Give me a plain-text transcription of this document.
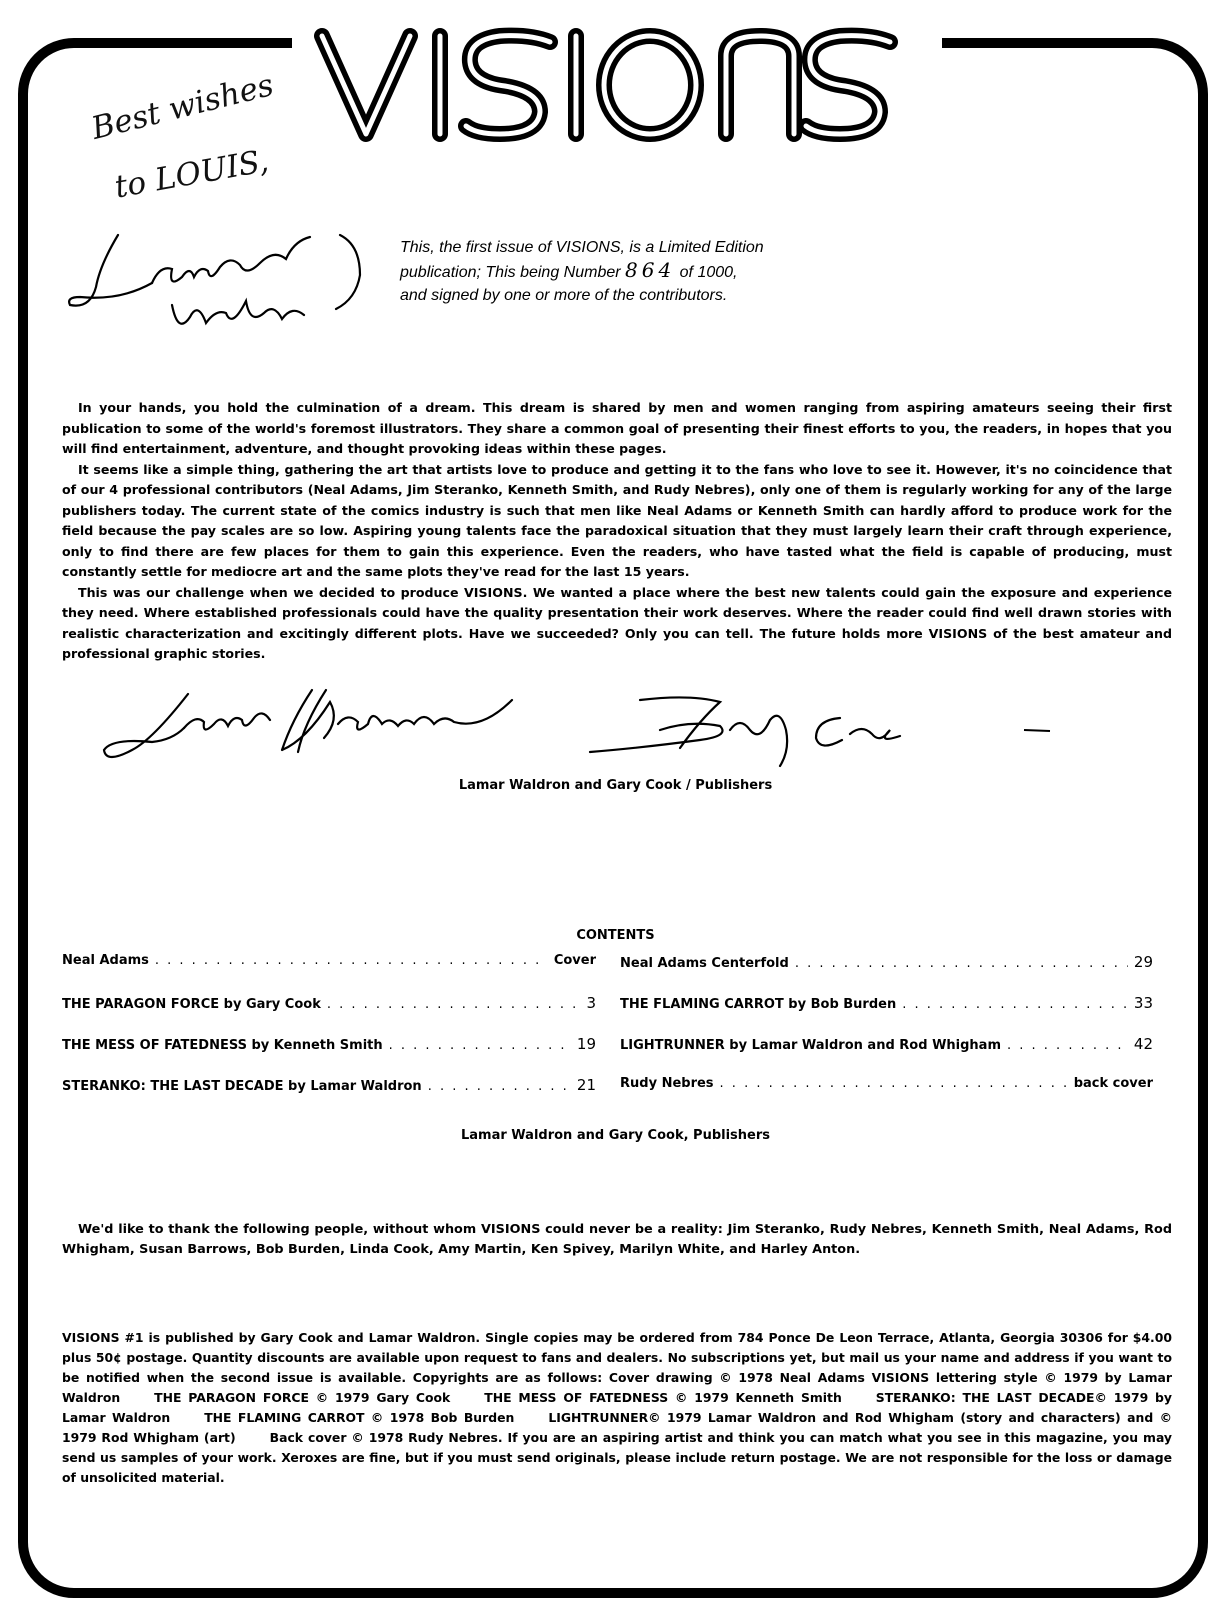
Best wishes
to LOUIS,
This, the first issue of VISIONS, is a Limited Edition
publication; This being Number 864 of 1000,
and signed by one or more of the contributors.

In your hands, you hold the culmination of a dream. This dream is shared by men and women ranging from aspiring amateurs seeing their first publication to some of the world's foremost illustrators. They share a common goal of presenting their finest efforts to you, the readers, in hopes that you will find entertainment, adventure, and thought provoking ideas within these pages.

It seems like a simple thing, gathering the art that artists love to produce and getting it to the fans who love to see it. However, it's no coincidence that of our 4 professional contributors (Neal Adams, Jim Steranko, Kenneth Smith, and Rudy Nebres), only one of them is regularly working for any of the large publishers today. The current state of the comics industry is such that men like Neal Adams or Kenneth Smith can hardly afford to produce work for the field because the pay scales are so low. Aspiring young talents face the paradoxical situation that they must largely learn their craft through experience, only to find there are few places for them to gain this experience. Even the readers, who have tasted what the field is capable of producing, must constantly settle for mediocre art and the same plots they've read for the last 15 years.

This was our challenge when we decided to produce VISIONS. We wanted a place where the best new talents could gain the exposure and experience they need. Where established professionals could have the quality presentation their work deserves. Where the reader could find well drawn stories with realistic characterization and excitingly different plots. Have we succeeded? Only you can tell. The future holds more VISIONS of the best amateur and professional graphic stories.

Lamar Waldron and Gary Cook / Publishers
CONTENTS
Neal Adams . . .	Cover
THE PARAGON FORCE by Gary Cook . . .	3
THE MESS OF FATEDNESS by Kenneth Smith . . .	19
STERANKO: THE LAST DECADE by Lamar Waldron . . .	21
Neal Adams Centerfold . . .	29
THE FLAMING CARROT by Bob Burden . . .	33
LIGHTRUNNER by Lamar Waldron and Rod Whigham . . .	42
Rudy Nebres . . .	back cover
Lamar Waldron and Gary Cook, Publishers
We'd like to thank the following people, without whom VISIONS could never be a reality: Jim Steranko, Rudy Nebres, Kenneth Smith, Neal Adams, Rod Whigham, Susan Barrows, Bob Burden, Linda Cook, Amy Martin, Ken Spivey, Marilyn White, and Harley Anton.
VISIONS #1 is published by Gary Cook and Lamar Waldron. Single copies may be ordered from 784 Ponce De Leon Terrace, Atlanta, Georgia 30306 for $4.00 plus 50¢ postage. Quantity discounts are available upon request to fans and dealers. No subscriptions yet, but mail us your name and address if you want to be notified when the second issue is available. Copyrights are as follows: Cover drawing © 1978 Neal Adams VISIONS lettering style © 1979 by Lamar Waldron	THE PARAGON FORCE © 1979 Gary Cook	THE MESS OF FATEDNESS © 1979 Kenneth Smith	STERANKO: THE LAST DECADE© 1979 by Lamar Waldron	THE FLAMING CARROT © 1978 Bob Burden	LIGHTRUNNER© 1979 Lamar Waldron and Rod Whigham (story and characters) and © 1979 Rod Whigham (art)	Back cover © 1978 Rudy Nebres. If you are an aspiring artist and think you can match what you see in this magazine, you may send us samples of your work. Xeroxes are fine, but if you must send originals, please include return postage. We are not responsible for the loss or damage of unsolicited material.
